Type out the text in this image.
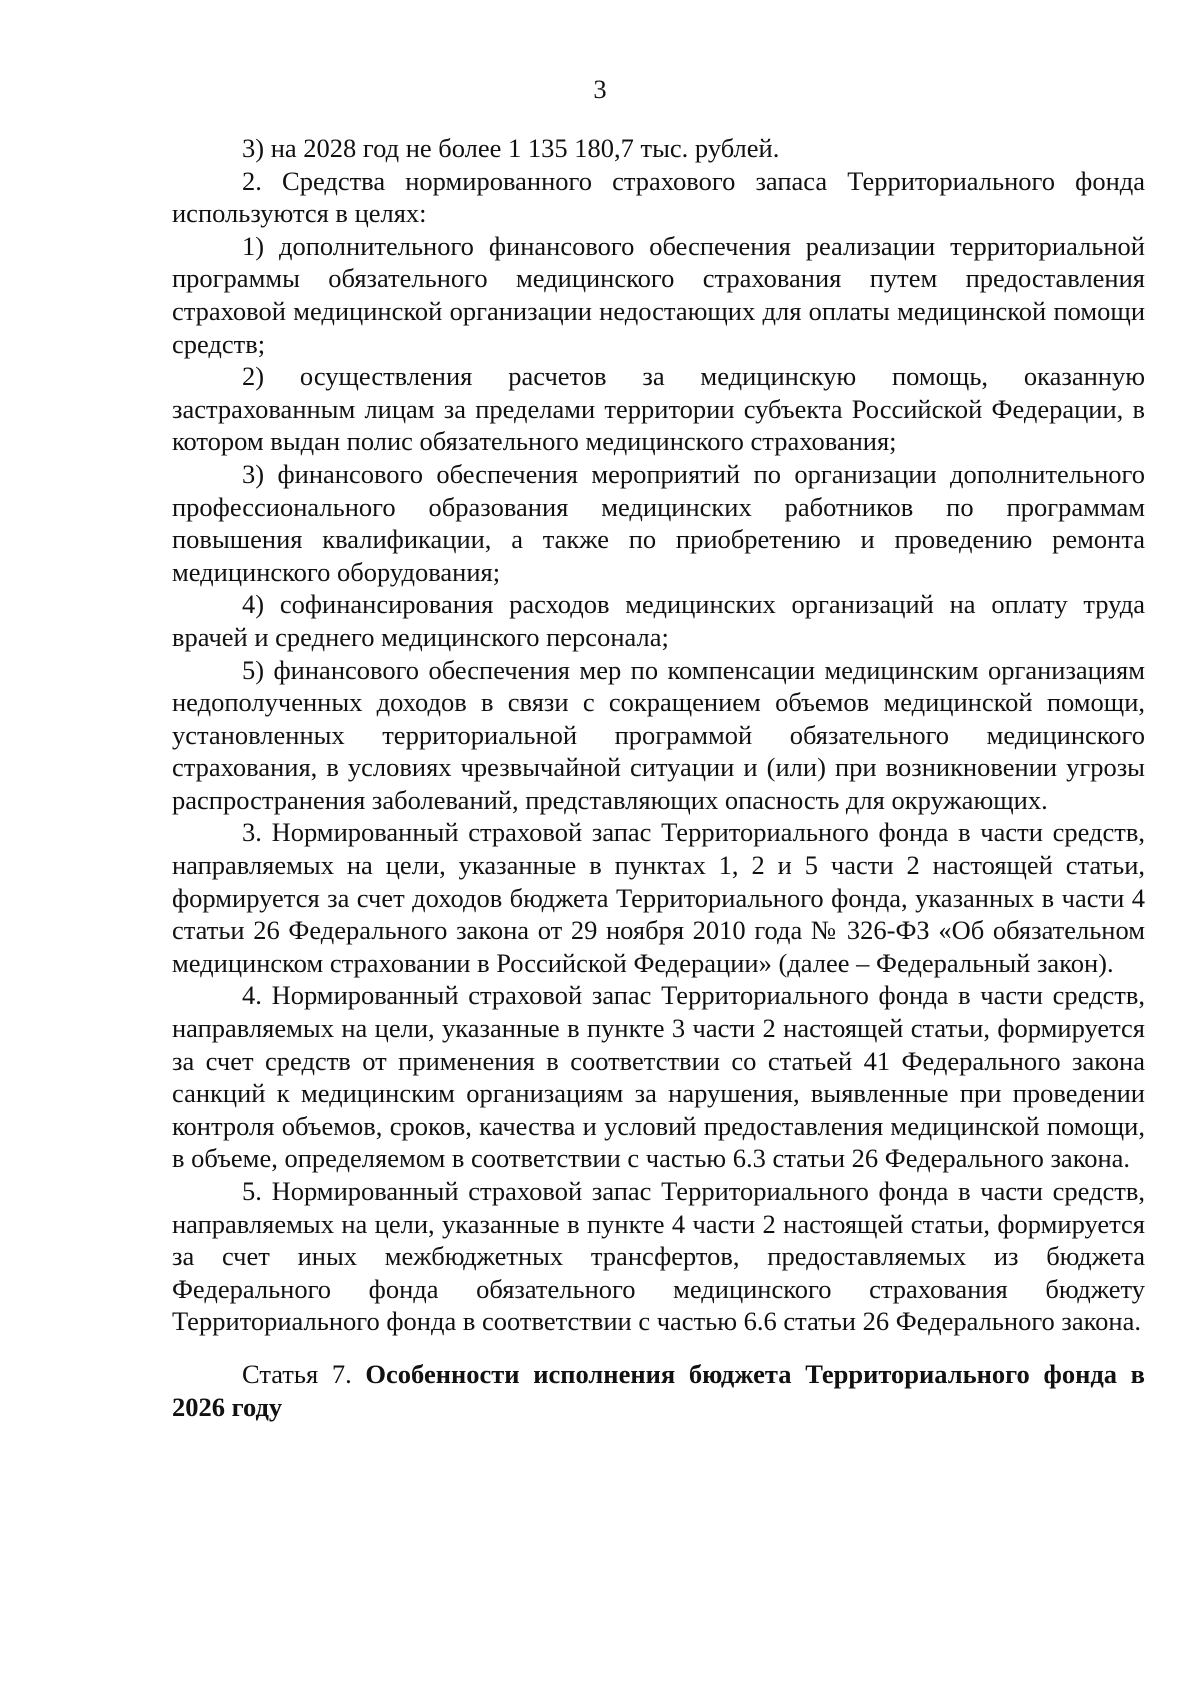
3

3) на 2028 год не более 1 135 180,7 тыс. рублей.

2. Средства нормированного страхового запаса Территориального фонда используются в целях:

1) дополнительного финансового обеспечения реализации территориальной программы обязательного медицинского страхования путем предоставления страховой медицинской организации недостающих для оплаты медицинской помощи средств;

2) осуществления расчетов за медицинскую помощь, оказанную застрахованным лицам за пределами территории субъекта Российской Федерации, в котором выдан полис обязательного медицинского страхования;

3) финансового обеспечения мероприятий по организации дополнительного профессионального образования медицинских работников по программам повышения квалификации, а также по приобретению и проведению ремонта медицинского оборудования;

4) софинансирования расходов медицинских организаций на оплату труда врачей и среднего медицинского персонала;

5) финансового обеспечения мер по компенсации медицинским организациям недополученных доходов в связи с сокращением объемов медицинской помощи, установленных территориальной программой обязательного медицинского страхования, в условиях чрезвычайной ситуации и (или) при возникновении угрозы распространения заболеваний, представляющих опасность для окружающих.

3. Нормированный страховой запас Территориального фонда в части средств, направляемых на цели, указанные в пунктах 1, 2 и 5 части 2 настоящей статьи, формируется за счет доходов бюджета Территориального фонда, указанных в части 4 статьи 26 Федерального закона от 29 ноября 2010 года № 326-ФЗ «Об обязательном медицинском страховании в Российской Федерации» (далее – Федеральный закон).

4. Нормированный страховой запас Территориального фонда в части средств, направляемых на цели, указанные в пункте 3 части 2 настоящей статьи, формируется за счет средств от применения в соответствии со статьей 41 Федерального закона санкций к медицинским организациям за нарушения, выявленные при проведении контроля объемов, сроков, качества и условий предоставления медицинской помощи, в объеме, определяемом в соответствии с частью 6.3 статьи 26 Федерального закона.

5. Нормированный страховой запас Территориального фонда в части средств, направляемых на цели, указанные в пункте 4 части 2 настоящей статьи, формируется за счет иных межбюджетных трансфертов, предоставляемых из бюджета Федерального фонда обязательного медицинского страхования бюджету Территориального фонда в соответствии с частью 6.6 статьи 26 Федерального закона.

Статья 7. Особенности исполнения бюджета Территориального фонда в 2026 году
